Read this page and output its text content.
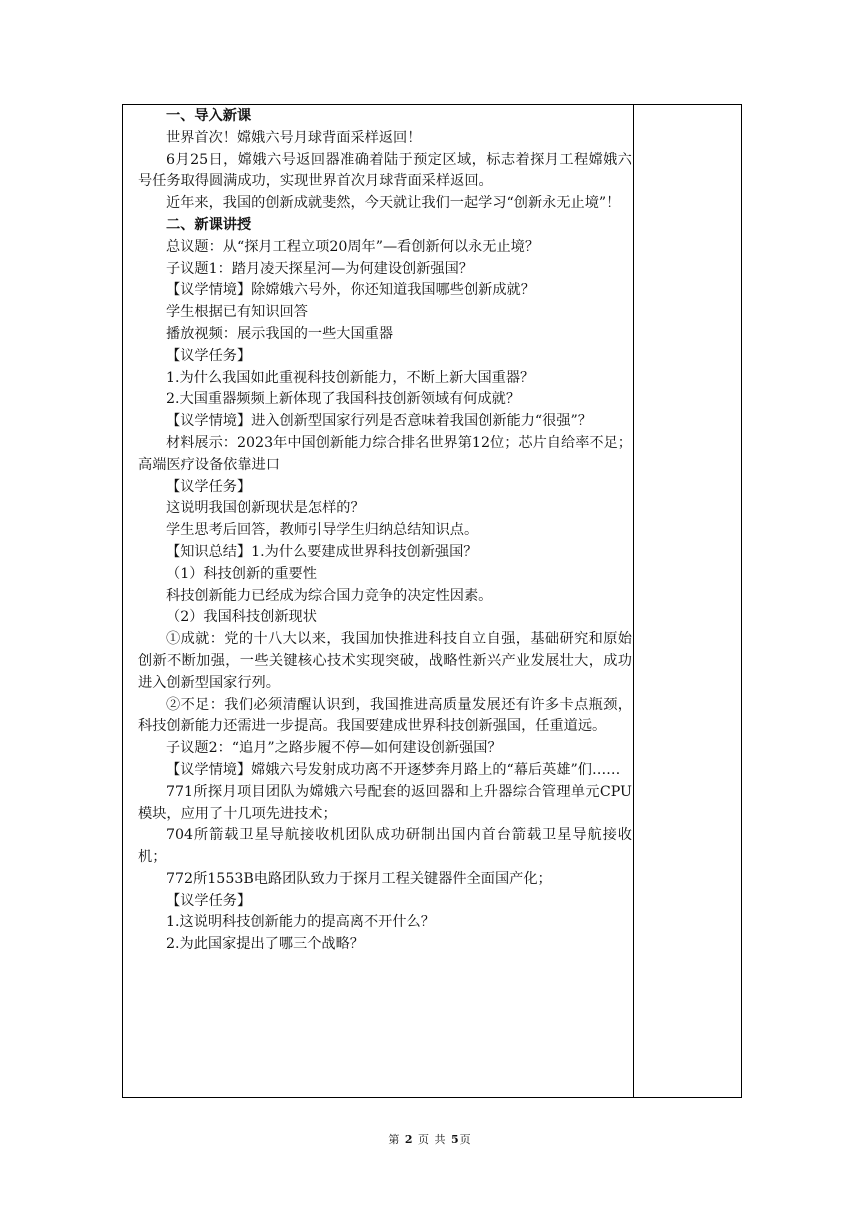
一、导入新课

世界首次！嫦娥六号月球背面采样返回！

6月25日，嫦娥六号返回器准确着陆于预定区域，标志着探月工程嫦娥六号任务取得圆满成功，实现世界首次月球背面采样返回。

近年来，我国的创新成就斐然，今天就让我们一起学习“创新永无止境”！

二、新课讲授

总议题：从“探月工程立项20周年”—看创新何以永无止境？

子议题1：踏月凌天探星河—为何建设创新强国？

【议学情境】除嫦娥六号外，你还知道我国哪些创新成就？

学生根据已有知识回答

播放视频：展示我国的一些大国重器

【议学任务】

1.为什么我国如此重视科技创新能力，不断上新大国重器？

2.大国重器频频上新体现了我国科技创新领域有何成就？

【议学情境】进入创新型国家行列是否意味着我国创新能力“很强”？

材料展示：2023年中国创新能力综合排名世界第12位；芯片自给率不足；高端医疗设备依靠进口

【议学任务】

这说明我国创新现状是怎样的？

学生思考后回答，教师引导学生归纳总结知识点。

【知识总结】1.为什么要建成世界科技创新强国？

（1）科技创新的重要性

科技创新能力已经成为综合国力竞争的决定性因素。

（2）我国科技创新现状

①成就：党的十八大以来，我国加快推进科技自立自强，基础研究和原始创新不断加强，一些关键核心技术实现突破，战略性新兴产业发展壮大，成功进入创新型国家行列。

②不足：我们必须清醒认识到，我国推进高质量发展还有许多卡点瓶颈，科技创新能力还需进一步提高。我国要建成世界科技创新强国，任重道远。

子议题2：“追月”之路步履不停—如何建设创新强国？

【议学情境】嫦娥六号发射成功离不开逐梦奔月路上的“幕后英雄”们……

771所探月项目团队为嫦娥六号配套的返回器和上升器综合管理单元CPU模块，应用了十几项先进技术；

704所箭载卫星导航接收机团队成功研制出国内首台箭载卫星导航接收机；

772所1553B电路团队致力于探月工程关键器件全面国产化；

【议学任务】

1.这说明科技创新能力的提高离不开什么？

2.为此国家提出了哪三个战略？

第 2 页 共 5页
